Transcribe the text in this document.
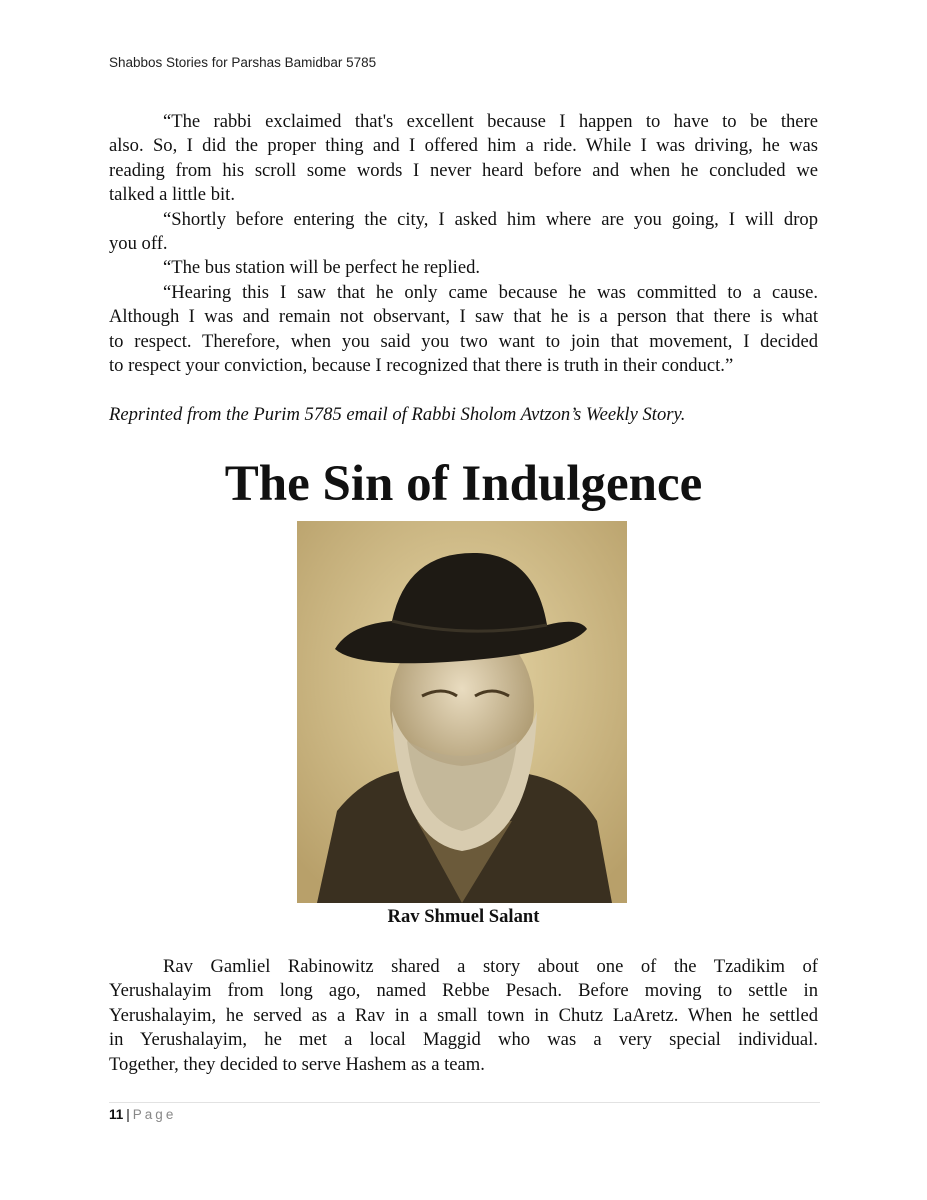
Shabbos Stories for Parshas Bamidbar 5785
“The rabbi exclaimed that's excellent because I happen to have to be there
also. So, I did the proper thing and I offered him a ride. While I was driving, he was
reading from his scroll some words I never heard before and when he concluded we
talked a little bit.
“Shortly before entering the city, I asked him where are you going, I will drop
you off.
“The bus station will be perfect he replied.
“Hearing this I saw that he only came because he was committed to a cause.
Although I was and remain not observant, I saw that he is a person that there is what
to respect. Therefore, when you said you two want to join that movement, I decided
to respect your conviction, because I recognized that there is truth in their conduct.”
Reprinted from the Purim 5785 email of Rabbi Sholom Avtzon’s Weekly Story.
The Sin of Indulgence
Rav Shmuel Salant
Rav Gamliel Rabinowitz shared a story about one of the Tzadikim of
Yerushalayim from long ago, named Rebbe Pesach. Before moving to settle in
Yerushalayim, he served as a Rav in a small town in Chutz LaAretz. When he settled
in Yerushalayim, he met a local Maggid who was a very special individual.
Together, they decided to serve Hashem as a team.
11 | Page
